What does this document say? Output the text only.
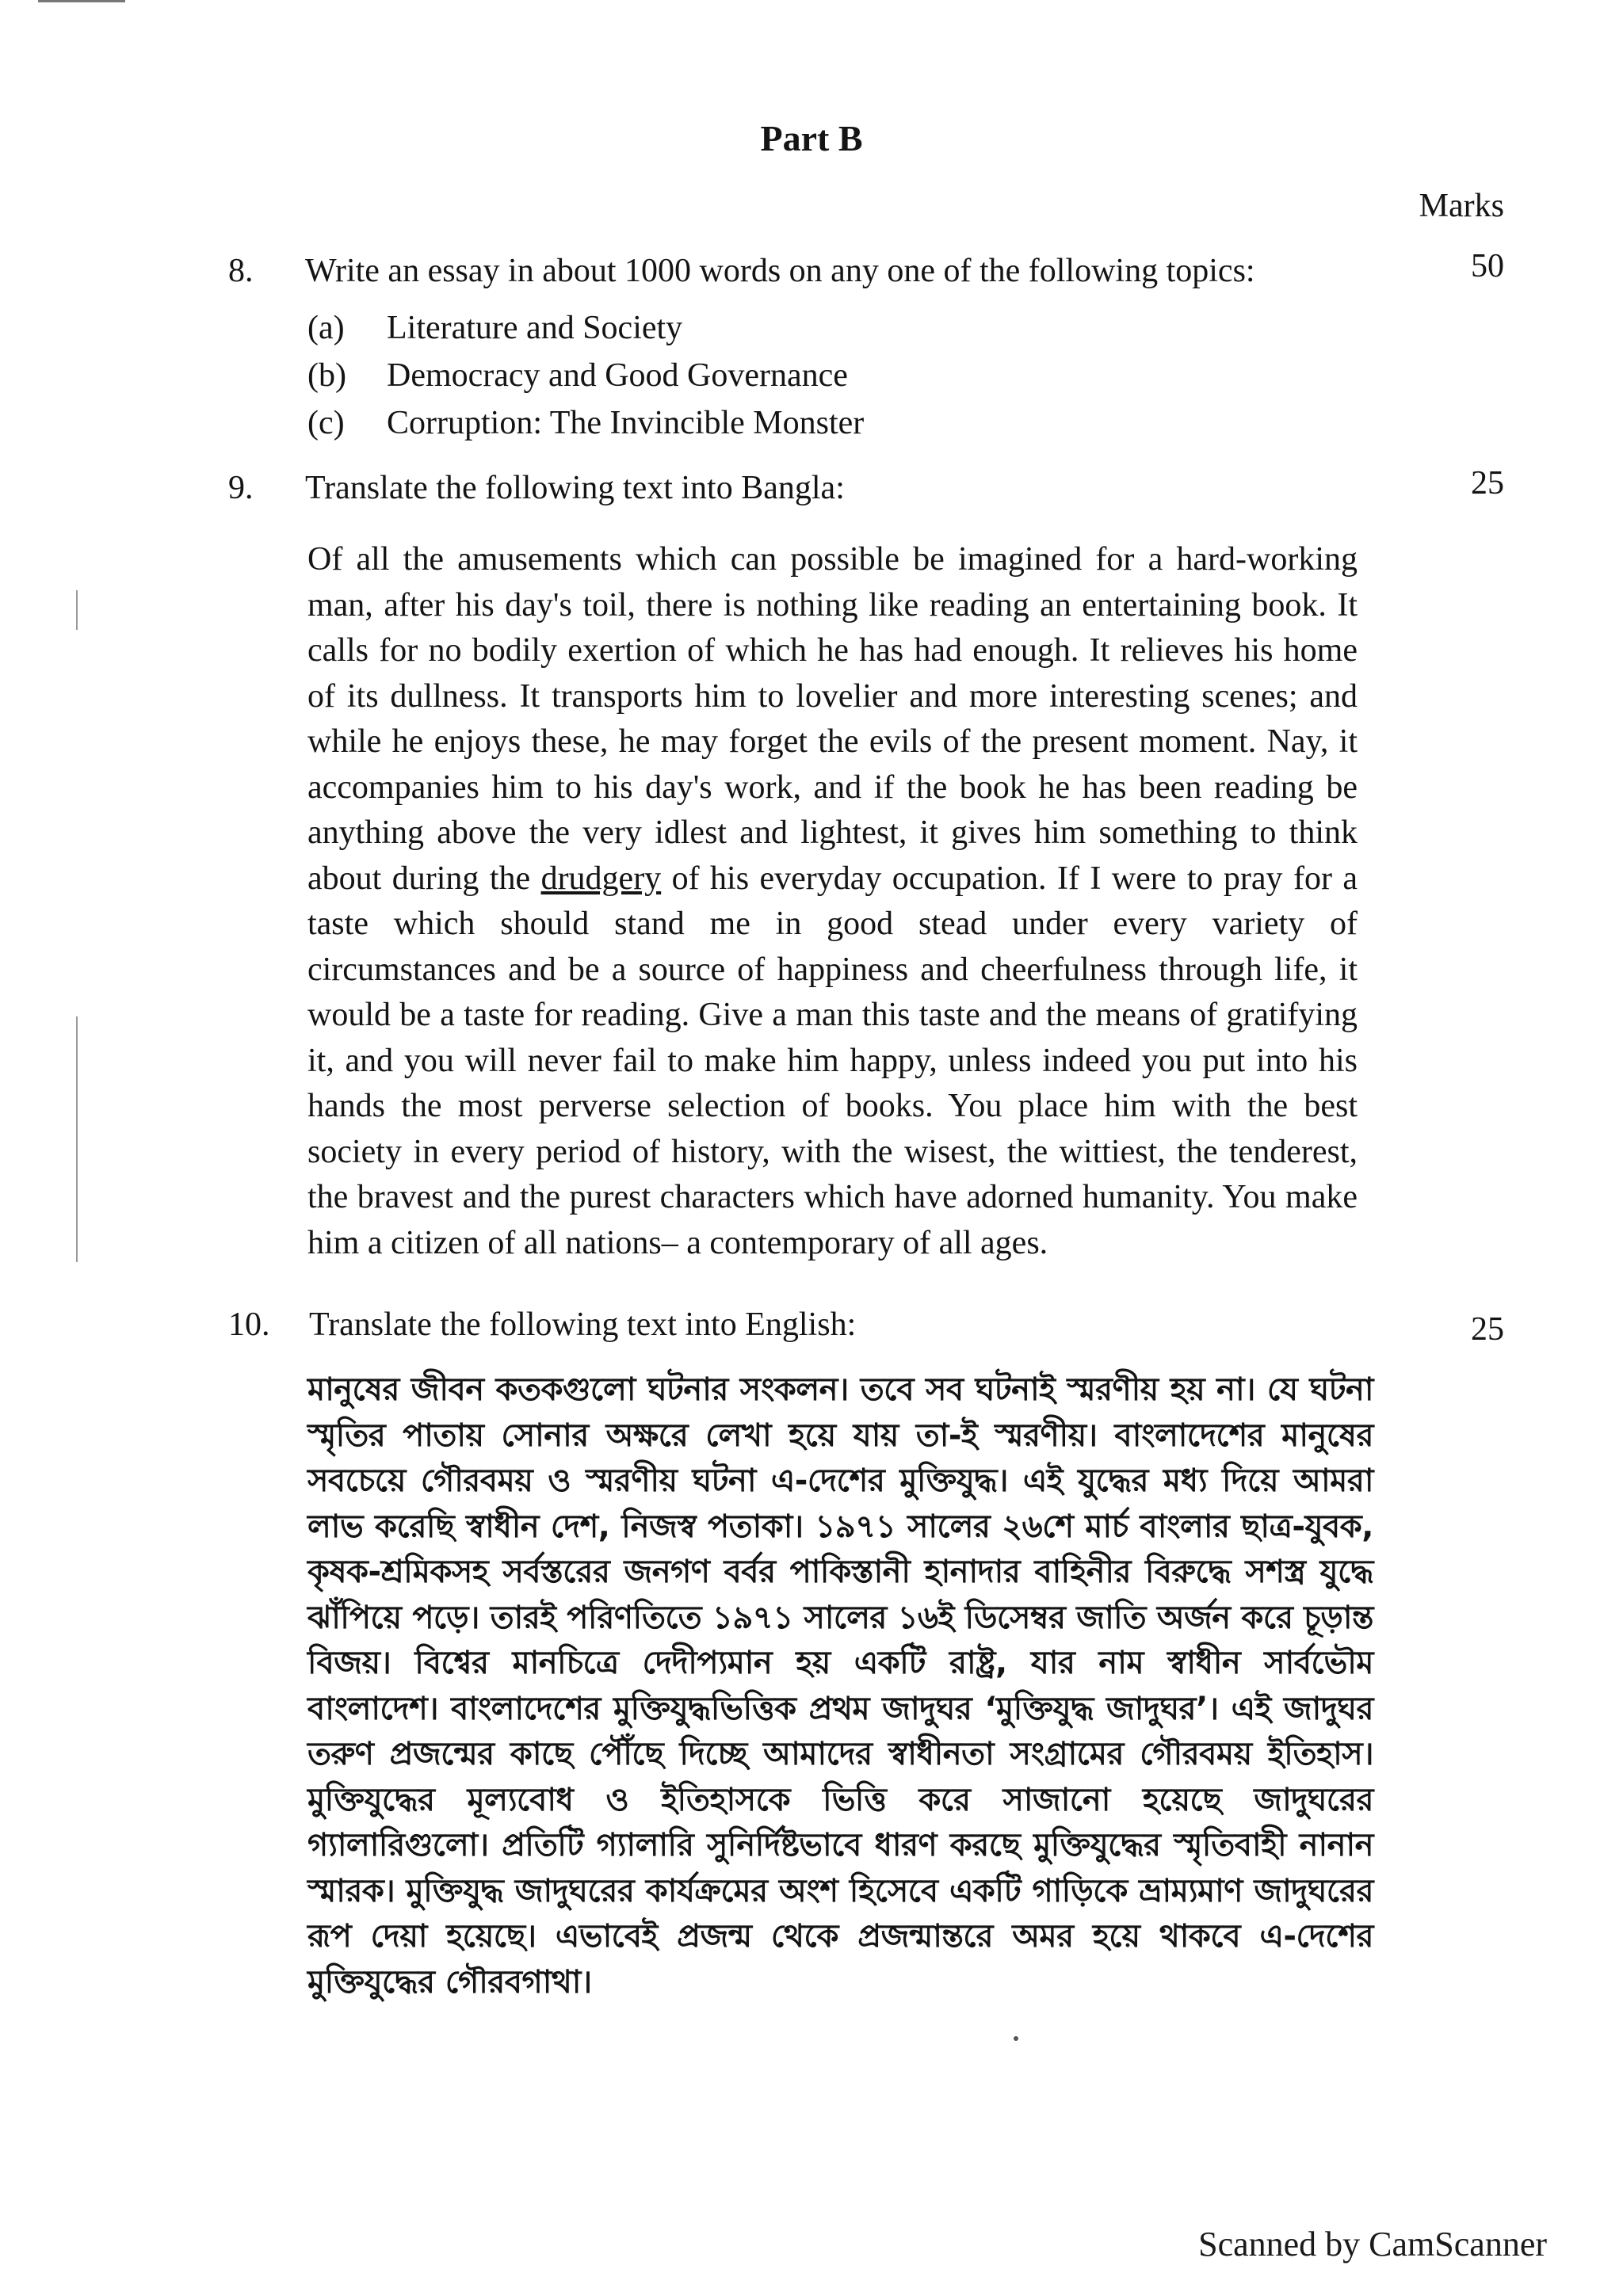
Part B
Marks
8. Write an essay in about 1000 words on any one of the following topics:	50
(a) Literature and Society
(b) Democracy and Good Governance
(c) Corruption: The Invincible Monster
9. Translate the following text into Bangla:	25

Of all the amusements which can possible be imagined for a hard-working man, after his day's toil, there is nothing like reading an entertaining book. It calls for no bodily exertion of which he has had enough. It relieves his home of its dullness. It transports him to lovelier and more interesting scenes; and while he enjoys these, he may forget the evils of the present moment. Nay, it accompanies him to his day's work, and if the book he has been reading be anything above the very idlest and lightest, it gives him something to think about during the drudgery of his everyday occupation. If I were to pray for a taste which should stand me in good stead under every variety of circumstances and be a source of happiness and cheerfulness through life, it would be a taste for reading. Give a man this taste and the means of gratifying it, and you will never fail to make him happy, unless indeed you put into his hands the most perverse selection of books. You place him with the best society in every period of history, with the wisest, the wittiest, the tenderest, the bravest and the purest characters which have adorned humanity. You make him a citizen of all nations– a contemporary of all ages.

10. Translate the following text into English:	25

মানুষের জীবন কতকগুলো ঘটনার সংকলন। তবে সব ঘটনাই স্মরণীয় হয় না। যে ঘটনা স্মৃতির পাতায় সোনার অক্ষরে লেখা হয়ে যায় তা-ই স্মরণীয়। বাংলাদেশের মানুষের সবচেয়ে গৌরবময় ও স্মরণীয় ঘটনা এ-দেশের মুক্তিযুদ্ধ। এই যুদ্ধের মধ্য দিয়ে আমরা লাভ করেছি স্বাধীন দেশ, নিজস্ব পতাকা। ১৯৭১ সালের ২৬শে মার্চ বাংলার ছাত্র-যুবক, কৃষক-শ্রমিকসহ সর্বস্তরের জনগণ বর্বর পাকিস্তানী হানাদার বাহিনীর বিরুদ্ধে সশস্ত্র যুদ্ধে ঝাঁপিয়ে পড়ে। তারই পরিণতিতে ১৯৭১ সালের ১৬ই ডিসেম্বর জাতি অর্জন করে চূড়ান্ত বিজয়। বিশ্বের মানচিত্রে দেদীপ্যমান হয় একটি রাষ্ট্র, যার নাম স্বাধীন সার্বভৌম বাংলাদেশ। বাংলাদেশের মুক্তিযুদ্ধভিত্তিক প্রথম জাদুঘর ‘মুক্তিযুদ্ধ জাদুঘর’। এই জাদুঘর তরুণ প্রজন্মের কাছে পৌঁছে দিচ্ছে আমাদের স্বাধীনতা সংগ্রামের গৌরবময় ইতিহাস। মুক্তিযুদ্ধের মূল্যবোধ ও ইতিহাসকে ভিত্তি করে সাজানো হয়েছে জাদুঘরের গ্যালারিগুলো। প্রতিটি গ্যালারি সুনির্দিষ্টভাবে ধারণ করছে মুক্তিযুদ্ধের স্মৃতিবাহী নানান স্মারক। মুক্তিযুদ্ধ জাদুঘরের কার্যক্রমের অংশ হিসেবে একটি গাড়িকে ভ্রাম্যমাণ জাদুঘরের রূপ দেয়া হয়েছে। এভাবেই প্রজন্ম থেকে প্রজন্মান্তরে অমর হয়ে থাকবে এ-দেশের মুক্তিযুদ্ধের গৌরবগাথা।

Scanned by CamScanner
